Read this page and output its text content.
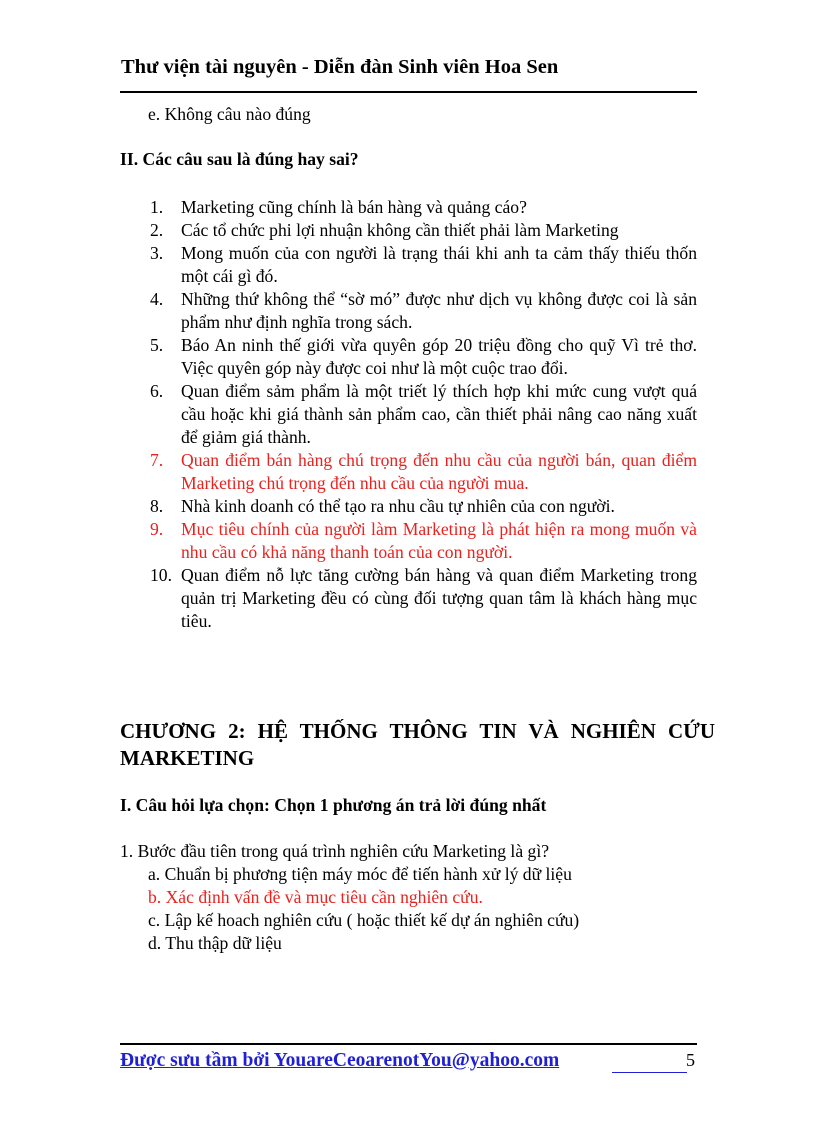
Thư viện tài nguyên - Diễn đàn Sinh viên Hoa Sen
e. Không câu nào đúng
II. Các câu sau là đúng hay sai?
1. Marketing cũng chính là bán hàng và quảng cáo?
2. Các tổ chức phi lợi nhuận không cần thiết phải làm Marketing
3. Mong muốn của con người là trạng thái khi anh ta cảm thấy thiếu thốn một cái gì đó.
4. Những thứ không thể “sờ mó” được như dịch vụ không được coi là sản phẩm như định nghĩa trong sách.
5. Báo An ninh thế giới vừa quyên góp 20 triệu đồng cho quỹ Vì trẻ thơ. Việc quyên góp này được coi như là một cuộc trao đổi.
6. Quan điểm sảm phẩm là một triết lý thích hợp khi mức cung vượt quá cầu hoặc khi giá thành sản phẩm cao, cần thiết phải nâng cao năng xuất để giảm giá thành.
7. Quan điểm bán hàng chú trọng đến nhu cầu của người bán, quan điểm Marketing chú trọng đến nhu cầu của người mua.
8. Nhà kinh doanh có thể tạo ra nhu cầu tự nhiên của con người.
9. Mục tiêu chính của người làm Marketing là phát hiện ra mong muốn và nhu cầu có khả năng thanh toán của con người.
10. Quan điểm nỗ lực tăng cường bán hàng và quan điểm Marketing trong quản trị Marketing đều có cùng đối tượng quan tâm là khách hàng mục tiêu.
CHƯƠNG 2: HỆ THỐNG THÔNG TIN VÀ NGHIÊN CỨU MARKETING
I. Câu hỏi lựa chọn: Chọn 1 phương án trả lời đúng nhất
1. Bước đầu tiên trong quá trình nghiên cứu Marketing là gì?
a. Chuẩn bị phương tiện máy móc để tiến hành xử lý dữ liệu
b. Xác định vấn đề và mục tiêu cần nghiên cứu.
c. Lập kế hoach nghiên cứu ( hoặc thiết kế dự án nghiên cứu)
d. Thu thập dữ liệu
Được sưu tầm bởi YouareCeoarenotYou@yahoo.com	5
